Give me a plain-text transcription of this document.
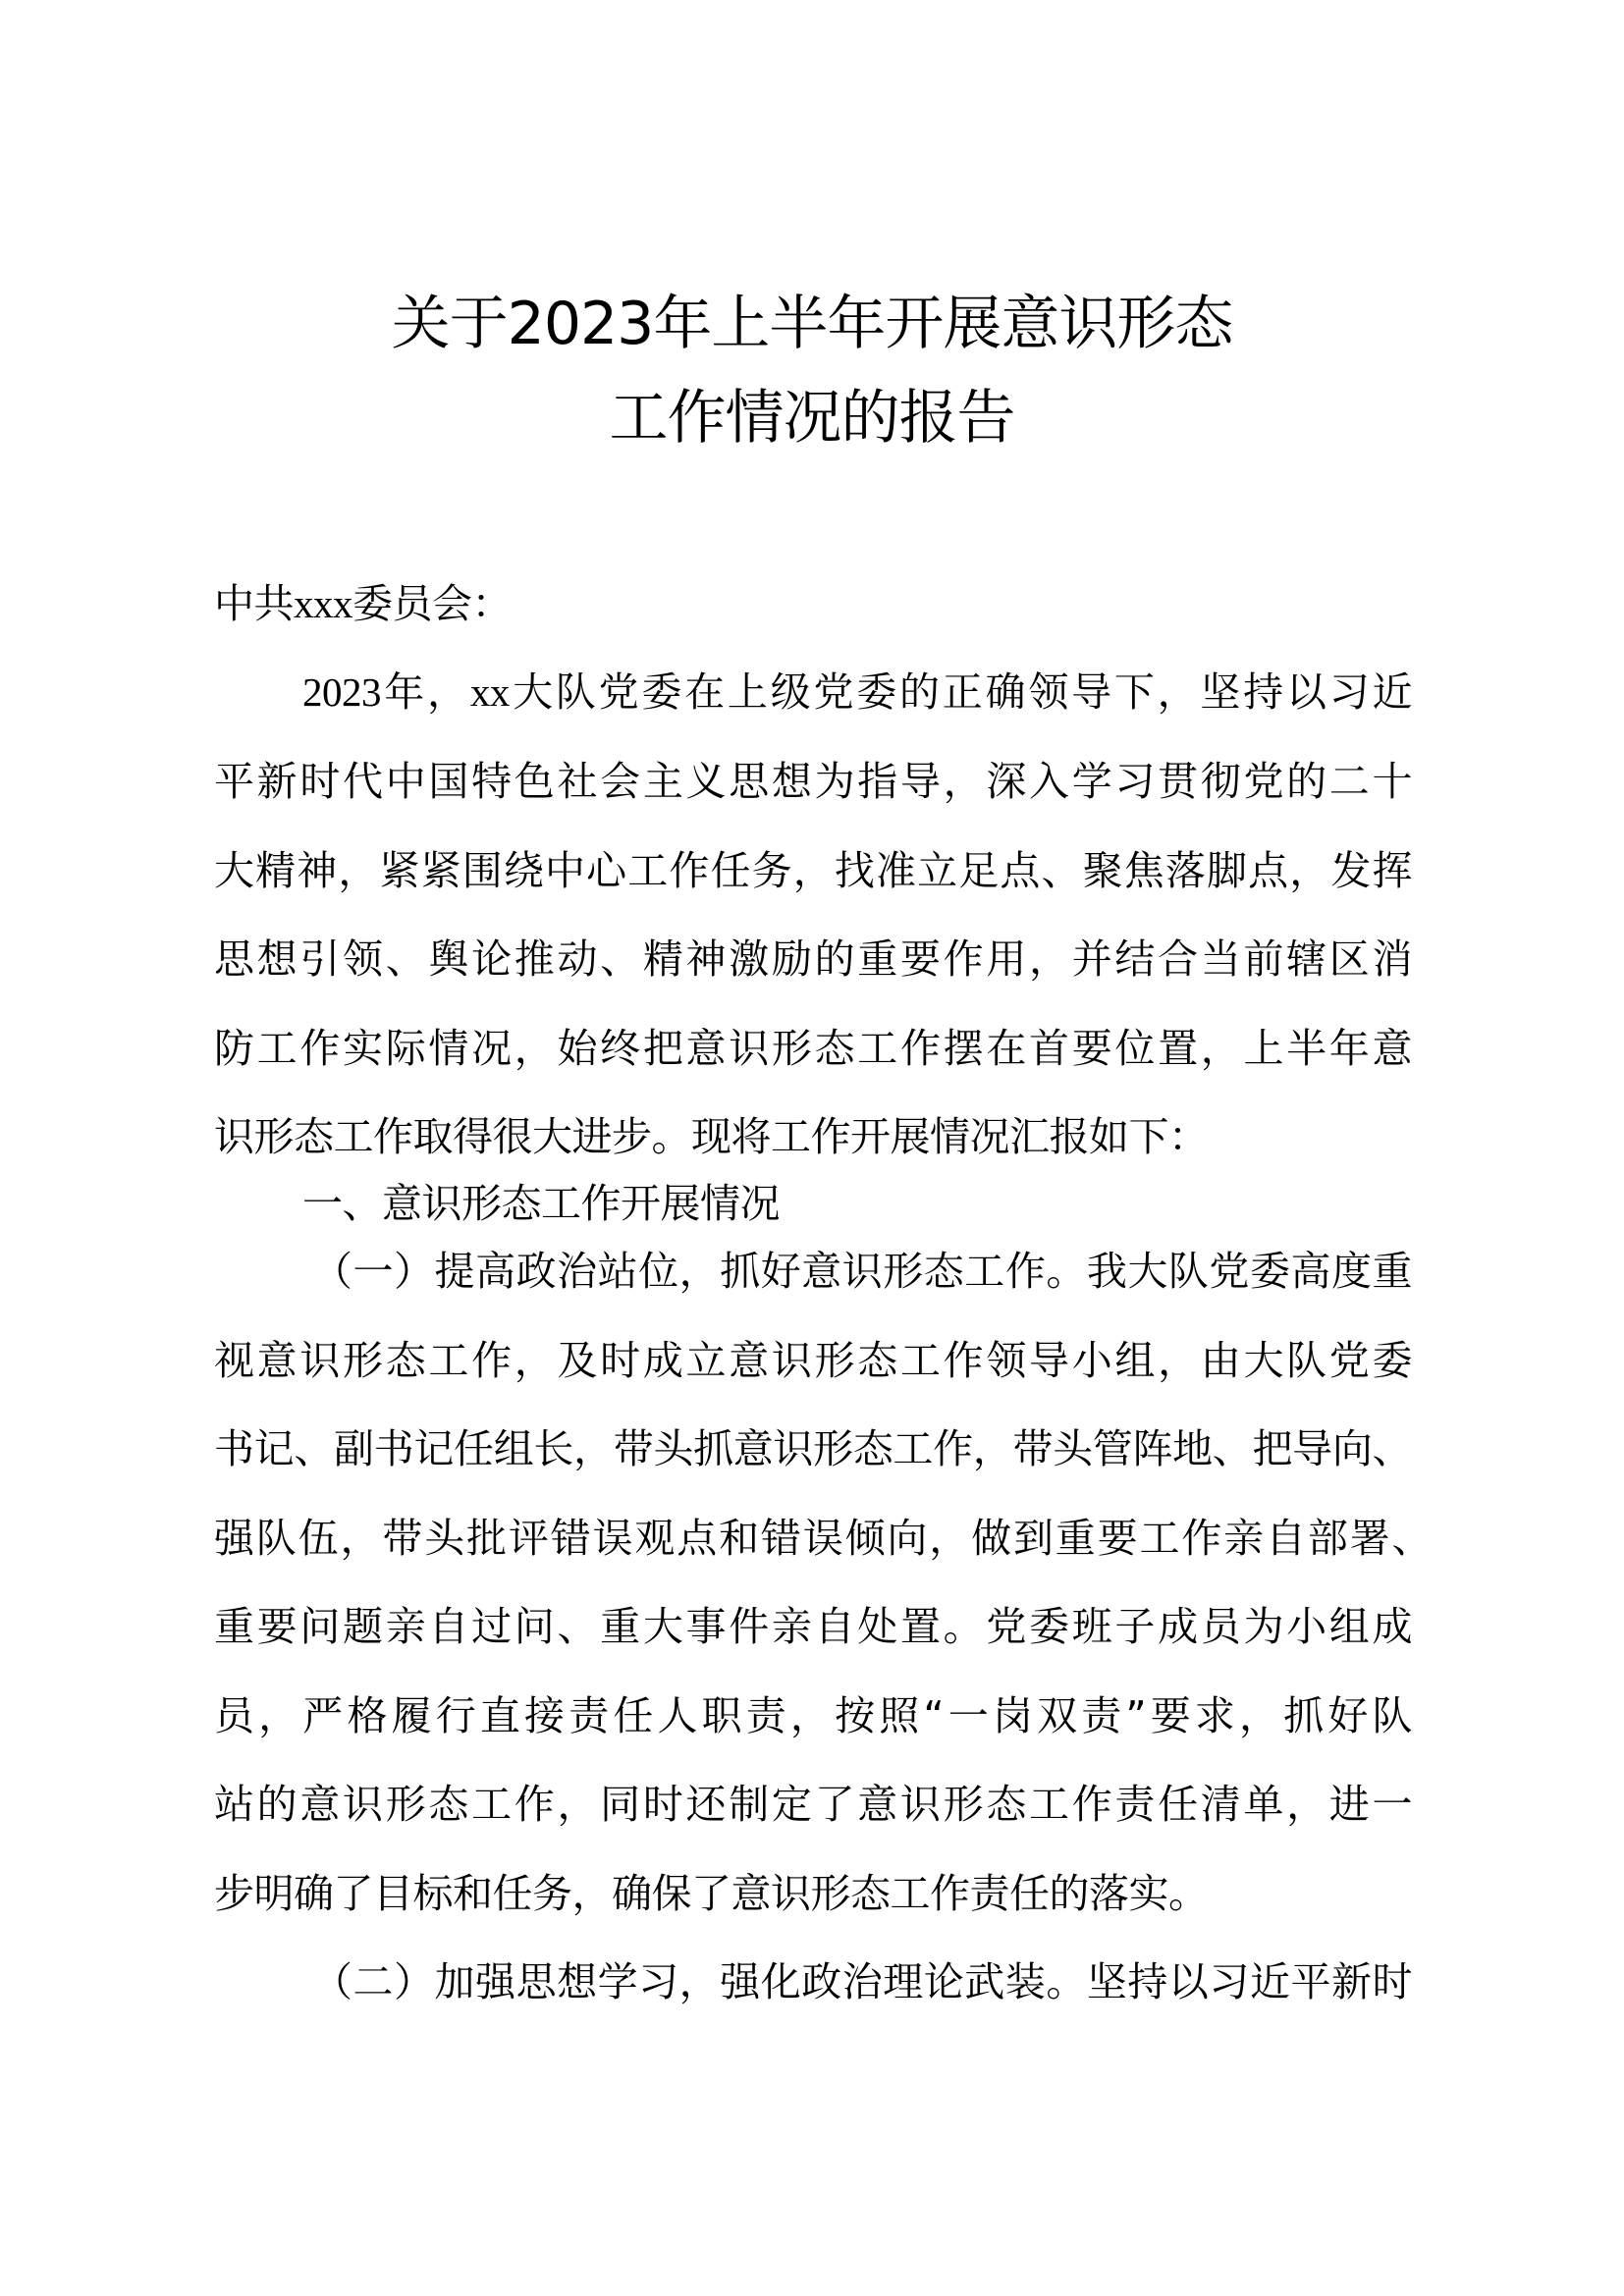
关于2023年上半年开展意识形态
工作情况的报告
中共xxx委员会：
2023年，xx大队党委在上级党委的正确领导下，坚持以习近
平新时代中国特色社会主义思想为指导，深入学习贯彻党的二十
大精神，紧紧围绕中心工作任务，找准立足点、聚焦落脚点，发挥
思想引领、舆论推动、精神激励的重要作用，并结合当前辖区消
防工作实际情况，始终把意识形态工作摆在首要位置，上半年意
识形态工作取得很大进步。现将工作开展情况汇报如下：
一、意识形态工作开展情况
（一）提高政治站位，抓好意识形态工作。我大队党委高度重
视意识形态工作，及时成立意识形态工作领导小组，由大队党委
书记、副书记任组长，带头抓意识形态工作，带头管阵地、把导向、
强队伍，带头批评错误观点和错误倾向，做到重要工作亲自部署、
重要问题亲自过问、重大事件亲自处置。党委班子成员为小组成
员，严格履行直接责任人职责，按照“一岗双责”要求，抓好队
站的意识形态工作，同时还制定了意识形态工作责任清单，进一
步明确了目标和任务，确保了意识形态工作责任的落实。
（二）加强思想学习，强化政治理论武装。坚持以习近平新时
